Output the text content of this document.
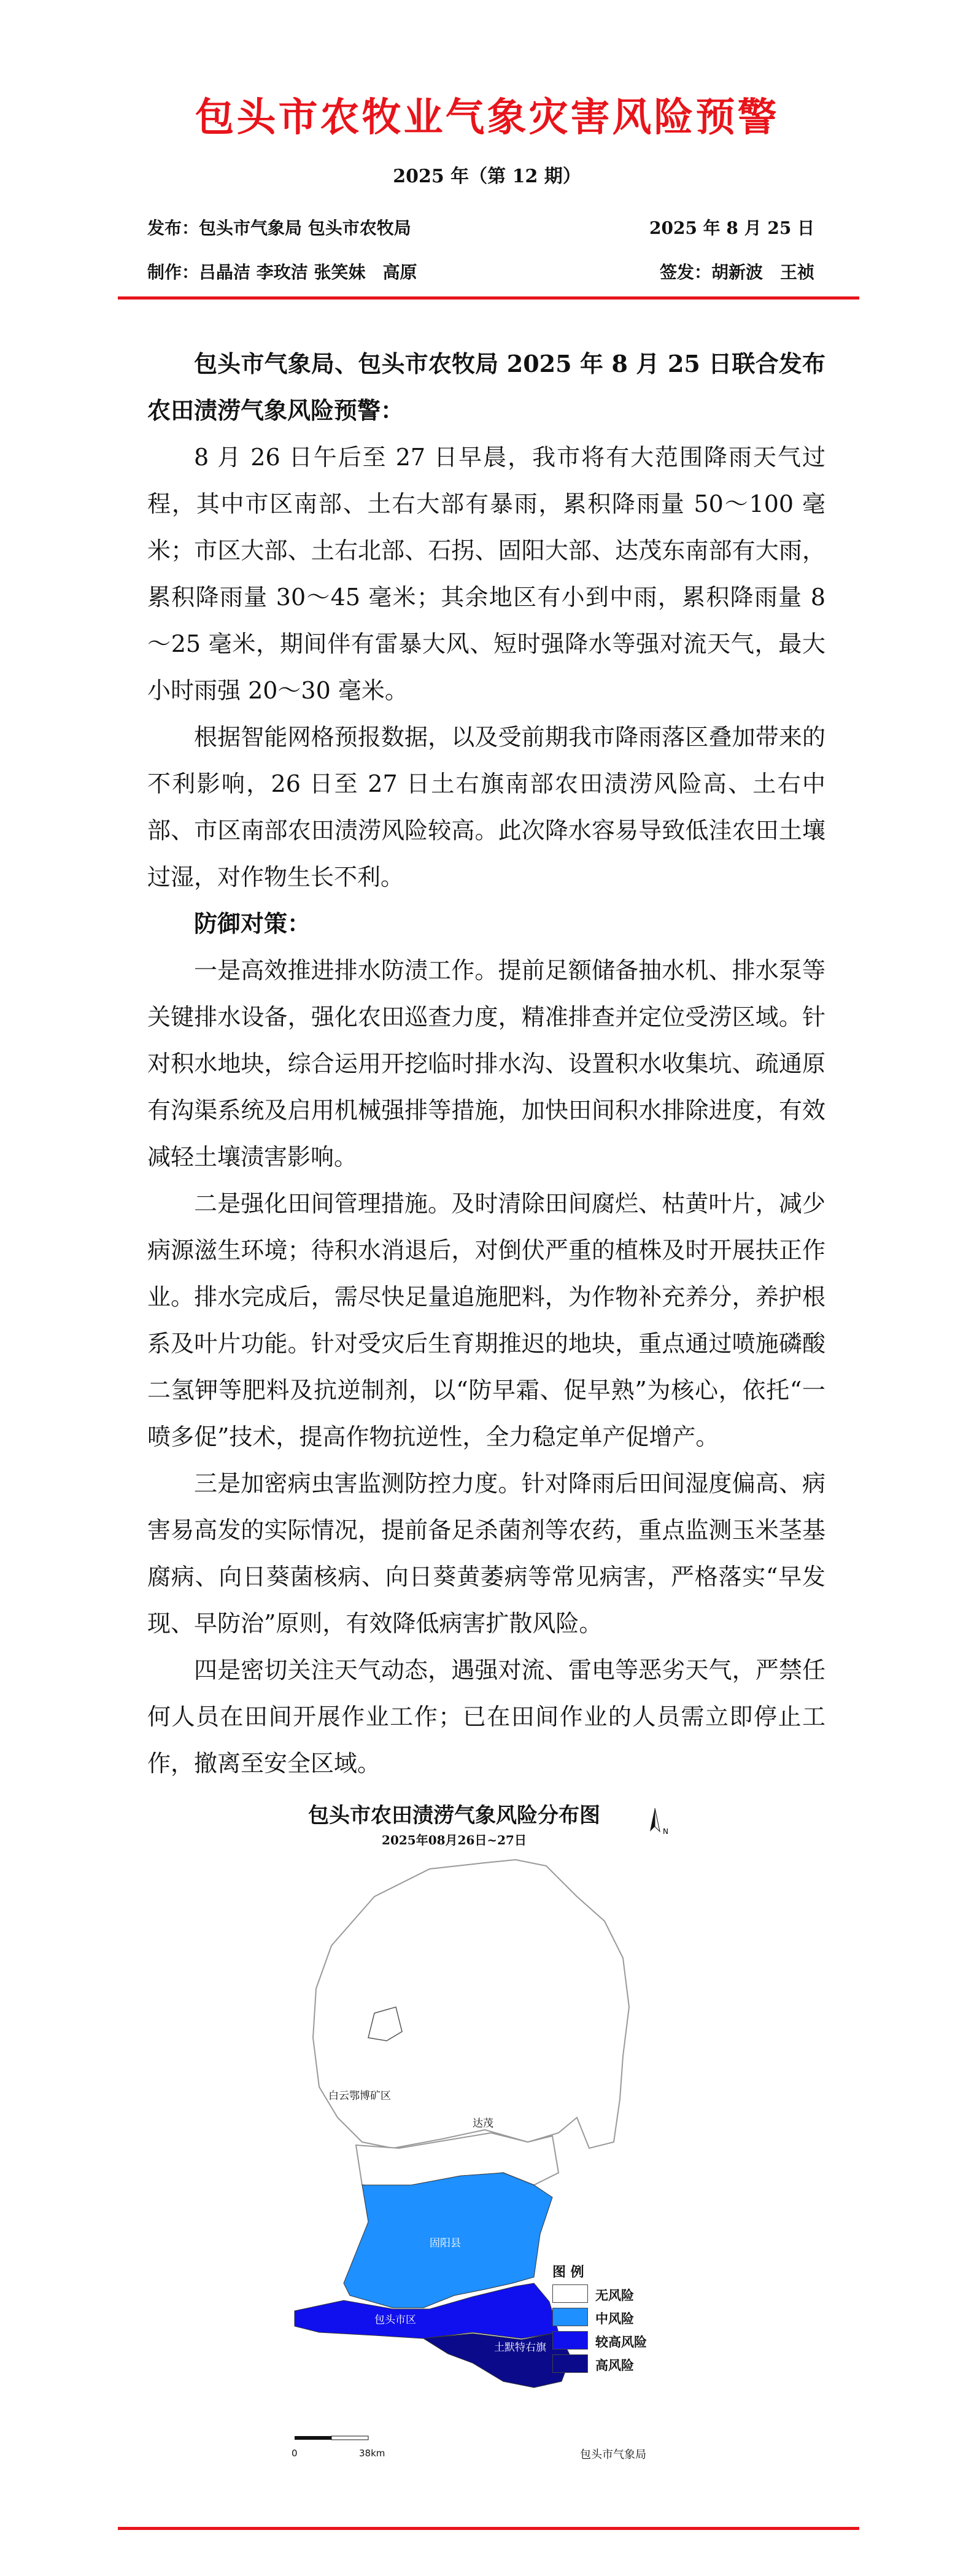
包头市农牧业气象灾害风险预警
2025 年（第 12 期）
发布：包头市气象局 包头市农牧局	2025 年 8 月 25 日
制作：吕晶洁 李玫洁 张笑妹　高原	签发：胡新波　王祯

包头市气象局、包头市农牧局 2025 年 8 月 25 日联合发布农田渍涝气象风险预警：

8 月 26 日午后至 27 日早晨，我市将有大范围降雨天气过程，其中市区南部、土右大部有暴雨，累积降雨量 50～100 毫米；市区大部、土右北部、石拐、固阳大部、达茂东南部有大雨，累积降雨量 30～45 毫米；其余地区有小到中雨，累积降雨量 8～25 毫米，期间伴有雷暴大风、短时强降水等强对流天气，最大小时雨强 20～30 毫米。

根据智能网格预报数据，以及受前期我市降雨落区叠加带来的不利影响，26 日至 27 日土右旗南部农田渍涝风险高、土右中部、市区南部农田渍涝风险较高。此次降水容易导致低洼农田土壤过湿，对作物生长不利。

防御对策：

一是高效推进排水防渍工作。提前足额储备抽水机、排水泵等关键排水设备，强化农田巡查力度，精准排查并定位受涝区域。针对积水地块，综合运用开挖临时排水沟、设置积水收集坑、疏通原有沟渠系统及启用机械强排等措施，加快田间积水排除进度，有效减轻土壤渍害影响。

二是强化田间管理措施。及时清除田间腐烂、枯黄叶片，减少病源滋生环境；待积水消退后，对倒伏严重的植株及时开展扶正作业。排水完成后，需尽快足量追施肥料，为作物补充养分，养护根系及叶片功能。针对受灾后生育期推迟的地块，重点通过喷施磷酸二氢钾等肥料及抗逆制剂，以“防早霜、促早熟”为核心，依托“一喷多促”技术，提高作物抗逆性，全力稳定单产促增产。

三是加密病虫害监测防控力度。针对降雨后田间湿度偏高、病害易高发的实际情况，提前备足杀菌剂等农药，重点监测玉米茎基腐病、向日葵菌核病、向日葵黄萎病等常见病害，严格落实“早发现、早防治”原则，有效降低病害扩散风险。

四是密切关注天气动态，遇强对流、雷电等恶劣天气，严禁任何人员在田间开展作业工作；已在田间作业的人员需立即停止工作，撤离至安全区域。

包头市农田渍涝气象风险分布图
2025年08月26日~27日
N
达茂
白云鄂博矿区
固阳县
包头市区
土默特右旗
图 例
无风险
中风险
较高风险
高风险
0	38km	包头市气象局
